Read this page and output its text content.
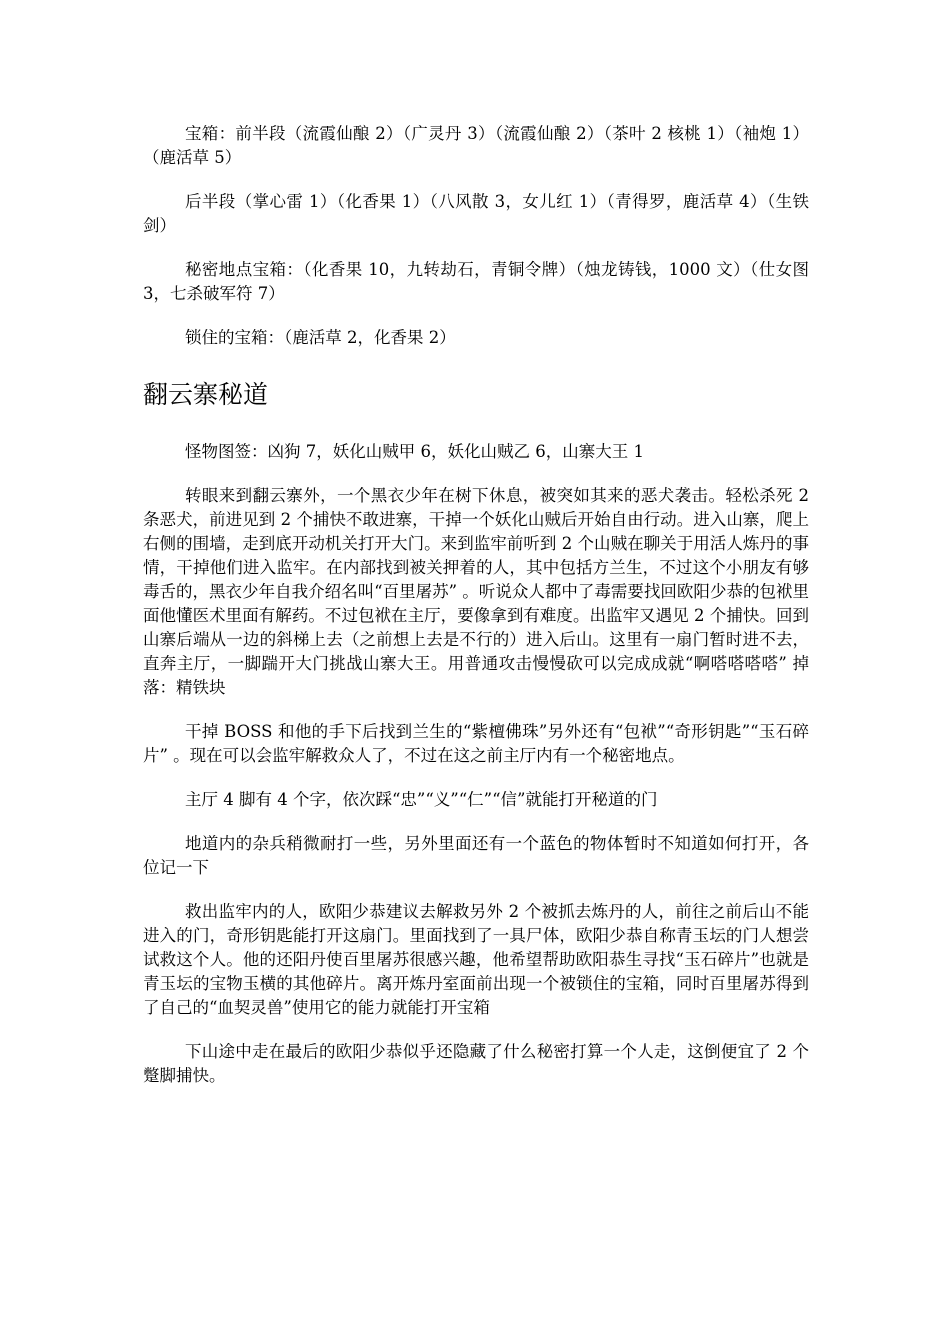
宝箱：前半段（流霞仙酿 2）（广灵丹 3）（流霞仙酿 2）（茶叶 2 核桃 1）（袖炮 1）（鹿活草 5）

后半段（掌心雷 1）（化香果 1）（八风散 3，女儿红 1）（青得罗，鹿活草 4）（生铁剑）

秘密地点宝箱：（化香果 10，九转劫石，青铜令牌）（烛龙铸钱，1000 文）（仕女图 3，七杀破军符 7）

锁住的宝箱：（鹿活草 2，化香果 2）

翻云寨秘道

怪物图签：凶狗 7，妖化山贼甲 6，妖化山贼乙 6，山寨大王 1

转眼来到翻云寨外，一个黑衣少年在树下休息，被突如其来的恶犬袭击。轻松杀死 2 条恶犬，前进见到 2 个捕快不敢进寨，干掉一个妖化山贼后开始自由行动。进入山寨，爬上右侧的围墙，走到底开动机关打开大门。来到监牢前听到 2 个山贼在聊关于用活人炼丹的事情，干掉他们进入监牢。在内部找到被关押着的人，其中包括方兰生，不过这个小朋友有够毒舌的，黑衣少年自我介绍名叫“百里屠苏” 。听说众人都中了毒需要找回欧阳少恭的包袱里面他懂医术里面有解药。不过包袱在主厅，要像拿到有难度。出监牢又遇见 2 个捕快。回到山寨后端从一边的斜梯上去（之前想上去是不行的）进入后山。这里有一扇门暂时进不去，直奔主厅，一脚踹开大门挑战山寨大王。用普通攻击慢慢砍可以完成成就“啊嗒嗒嗒嗒” 掉落：精铁块

干掉 BOSS 和他的手下后找到兰生的“紫檀佛珠”另外还有“包袱”“奇形钥匙”“玉石碎片” 。现在可以会监牢解救众人了，不过在这之前主厅内有一个秘密地点。

主厅 4 脚有 4 个字，依次踩“忠”“义”“仁”“信”就能打开秘道的门

地道内的杂兵稍微耐打一些，另外里面还有一个蓝色的物体暂时不知道如何打开，各位记一下

救出监牢内的人，欧阳少恭建议去解救另外 2 个被抓去炼丹的人，前往之前后山不能进入的门，奇形钥匙能打开这扇门。里面找到了一具尸体，欧阳少恭自称青玉坛的门人想尝试救这个人。他的还阳丹使百里屠苏很感兴趣，他希望帮助欧阳恭生寻找“玉石碎片”也就是青玉坛的宝物玉横的其他碎片。离开炼丹室面前出现一个被锁住的宝箱，同时百里屠苏得到了自己的“血契灵兽”使用它的能力就能打开宝箱

下山途中走在最后的欧阳少恭似乎还隐藏了什么秘密打算一个人走，这倒便宜了 2 个蹩脚捕快。
